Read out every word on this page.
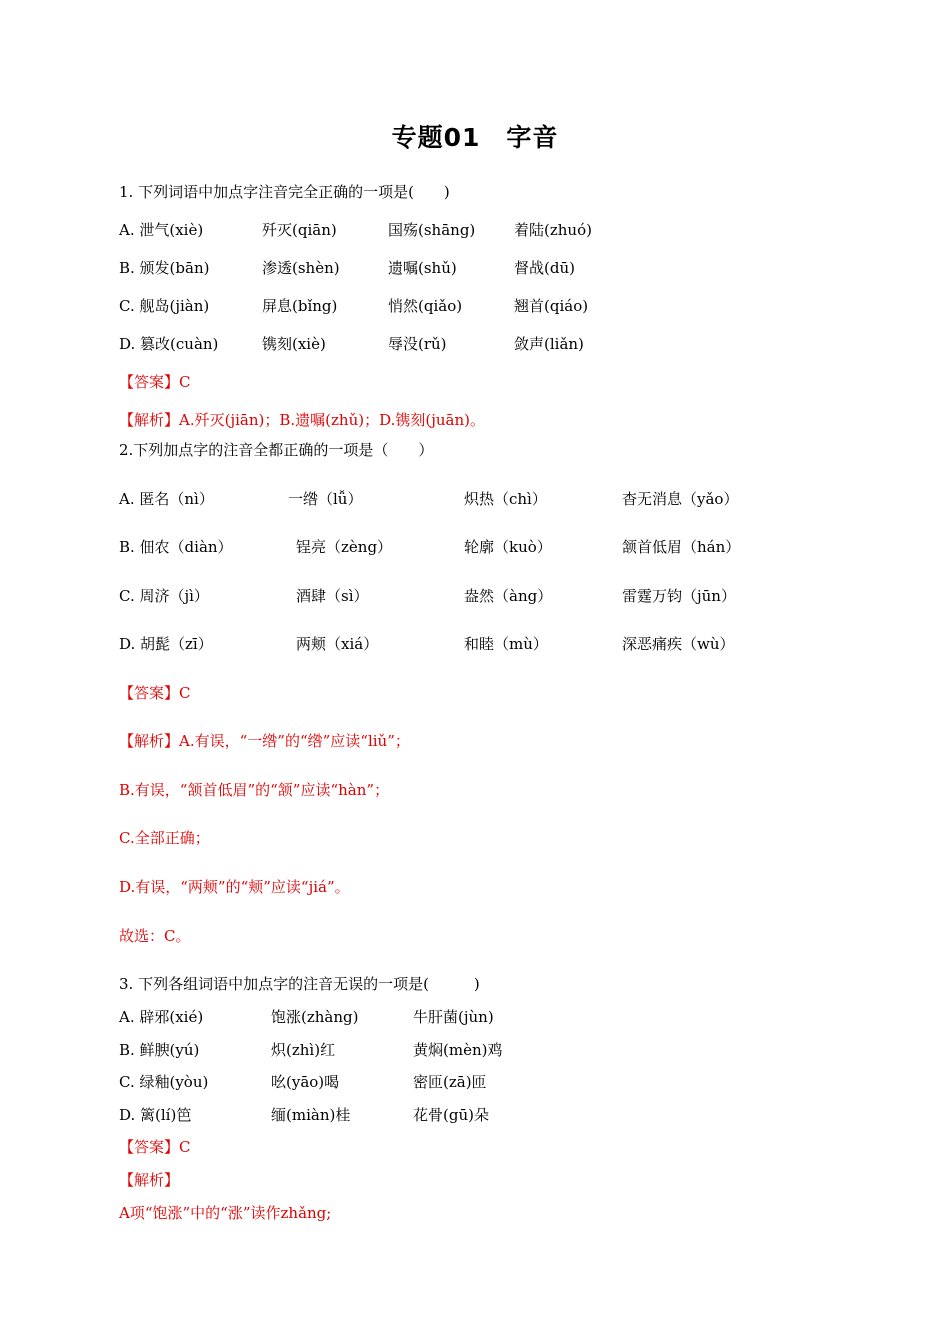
专题01　字音
1. 下列词语中加点字注音完全正确的一项是(　　)
A. 泄气(xiè)	歼灭(qiān)	国殇(shāng)	着陆(zhuó)
B. 颁发(bān)	渗透(shèn)	遗嘱(shǔ)	督战(dū)
C. 舰岛(jiàn)	屏息(bǐng)	悄然(qiǎo)	翘首(qiáo)
D. 篡改(cuàn)	镌刻(xiè)	辱没(rǔ)	敛声(liǎn)
【答案】C
【解析】A.歼灭(jiān)；B.遗嘱(zhǔ)；D.镌刻(juān)。
2.下列加点字的注音全都正确的一项是（　　）
A. 匿名（nì）	一绺（lǚ）	炽热（chì）	杳无消息（yǎo）
B. 佃农（diàn）	锃亮（zèng）	轮廓（kuò）	颔首低眉（hán）
C. 周济（jì）	酒肆（sì）	盎然（àng）	雷霆万钧（jūn）
D. 胡髭（zī）	两颊（xiá）	和睦（mù）	深恶痛疾（wù）
【答案】C
【解析】A.有误，“一绺”的“绺”应读“liǔ”；
B.有误，“颔首低眉”的“颔”应读“hàn”；
C.全部正确；
D.有误，“两颊”的“颊”应读“jiá”。
故选：C。
3. 下列各组词语中加点字的注音无误的一项是(　　　)
A. 辟邪(xié)	饱涨(zhàng)	牛肝菌(jùn)
B. 鲜腴(yú)	炽(zhì)红	黄焖(mèn)鸡
C. 绿釉(yòu)	吆(yāo)喝	密匝(zā)匝
D. 篱(lí)笆	缅(miàn)桂	花骨(gū)朵
【答案】C
【解析】
A项“饱涨”中的“涨”读作zhǎng;
